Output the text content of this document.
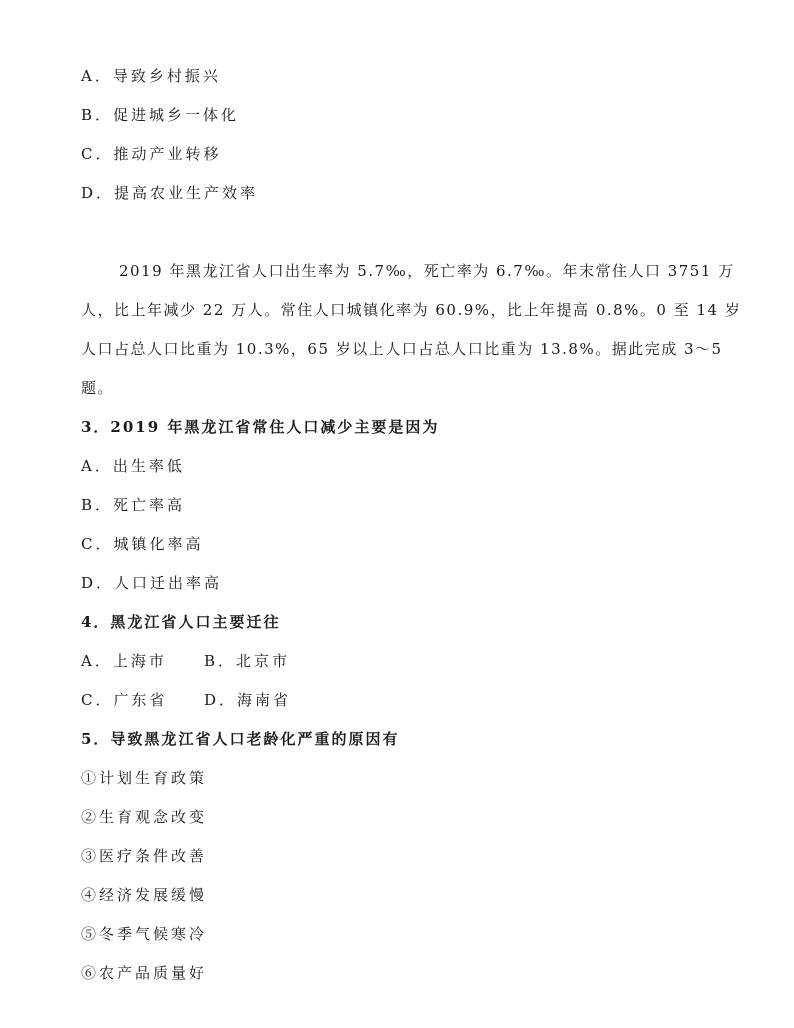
A．导致乡村振兴
B．促进城乡一体化
C．推动产业转移
D．提高农业生产效率
2019 年黑龙江省人口出生率为 5.7‰，死亡率为 6.7‰。年末常住人口 3751 万
人，比上年减少 22 万人。常住人口城镇化率为 60.9%，比上年提高 0.8%。0 至 14 岁
人口占总人口比重为 10.3%，65 岁以上人口占总人口比重为 13.8%。据此完成 3～5
题。
3．2019 年黑龙江省常住人口减少主要是因为
A．出生率低
B．死亡率高
C．城镇化率高
D．人口迁出率高
4．黑龙江省人口主要迁往
A．上海市 B．北京市
C．广东省 D．海南省
5．导致黑龙江省人口老龄化严重的原因有
①计划生育政策
②生育观念改变
③医疗条件改善
④经济发展缓慢
⑤冬季气候寒冷
⑥农产品质量好
